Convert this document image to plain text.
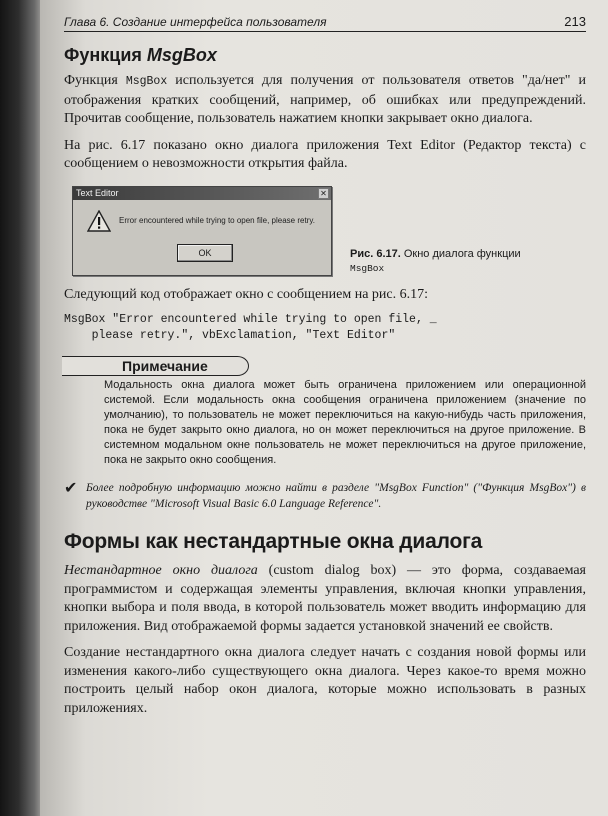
Глава 6. Создание интерфейса пользователя	213
Функция MsgBox

Функция MsgBox используется для получения от пользователя ответов "да/нет" и отображения кратких сообщений, например, об ошибках или предупреждений. Прочитав сообщение, пользователь нажатием кнопки закрывает окно диалога.

На рис. 6.17 показано окно диалога приложения Text Editor (Редактор текста) с сообщением о невозможности открытия файла.

Text Editor	✕
Error encountered while trying to open file, please retry.
OK	Рис. 6.17. Окно диалога функции
MsgBox

Следующий код отображает окно с сообщением на рис. 6.17:

MsgBox "Error encountered while trying to open file, _
please retry.", vbExclamation, "Text Editor"
Примечание
Модальность окна диалога может быть ограничена приложением или операционной системой. Если модальность окна сообщения ограничена приложением (значение по умолчанию), то пользователь не может переключиться на какую-нибудь часть приложения, пока не будет закрыто окно диалога, но он может переключиться на другое приложение. В системном модальном окне пользователь не может переключиться на другое приложение, пока не закрыто окно сообщения.
✔ Более подробную информацию можно найти в разделе "MsgBox Function" ("Функция MsgBox") в руководстве "Microsoft Visual Basic 6.0 Language Reference".
Формы как нестандартные окна диалога

Нестандартное окно диалога (custom dialog box) — это форма, создаваемая программистом и содержащая элементы управления, включая кнопки управления, кнопки выбора и поля ввода, в которой пользователь может вводить информацию для приложения. Вид отображаемой формы задается установкой значений ее свойств.

Создание нестандартного окна диалога следует начать с создания новой формы или изменения какого-либо существующего окна диалога. Через какое-то время можно построить целый набор окон диалога, которые можно использовать в разных приложениях.
